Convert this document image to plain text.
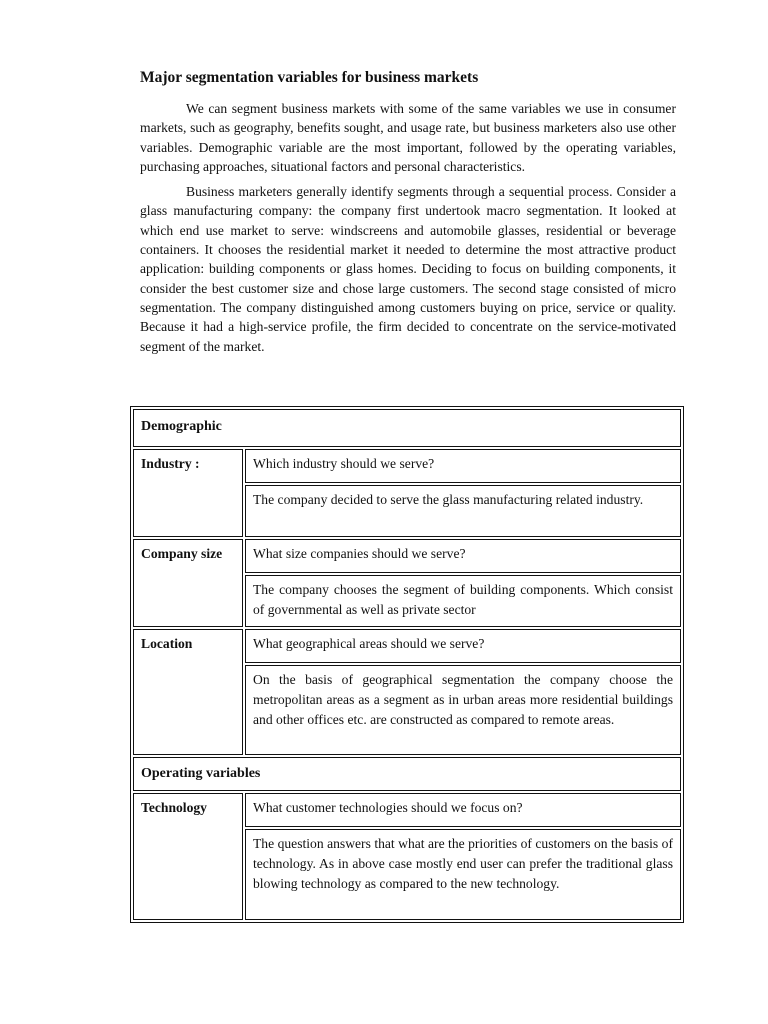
Major segmentation variables for business markets

We can segment business markets with some of the same variables we use in consumer markets, such as geography, benefits sought, and usage rate, but business marketers also use other variables. Demographic variable are the most important, followed by the operating variables, purchasing approaches, situational factors and personal characteristics.

Business marketers generally identify segments through a sequential process. Consider a glass manufacturing company: the company first undertook macro segmentation. It looked at which end use market to serve: windscreens and automobile glasses, residential or beverage containers. It chooses the residential market it needed to determine the most attractive product application: building components or glass homes. Deciding to focus on building components, it consider the best customer size and chose large customers. The second stage consisted of micro segmentation. The company distinguished among customers buying on price, service or quality. Because it had a high-service profile, the firm decided to concentrate on the service-motivated segment of the market.

Demographic
Industry :	Which industry should we serve?
The company decided to serve the glass manufacturing related industry.
Company size	What size companies should we serve?
The company chooses the segment of building components. Which consist of governmental as well as private sector
Location	What geographical areas should we serve?
On the basis of geographical segmentation the company choose the metropolitan areas as a segment as in urban areas more residential buildings and other offices etc. are constructed as compared to remote areas.
Operating variables
Technology	What customer technologies should we focus on?
The question answers that what are the priorities of customers on the basis of technology. As in above case mostly end user can prefer the traditional glass blowing technology as compared to the new technology.
